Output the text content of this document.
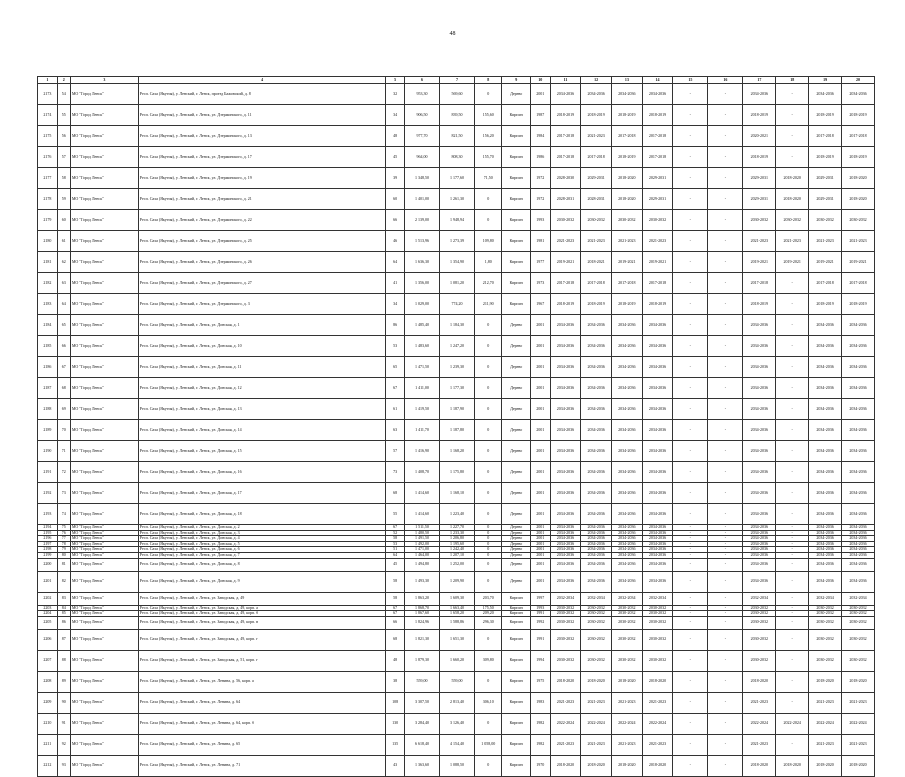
48
1	2	3	4	5	6	7	8	9	10	11	12	13	14	15	16	17	18	19	20
2173	54	МО "Город Ленск"	Респ. Саха (Якутия), у. Ленский, г. Ленск, проезд Бажовский, д. 8	32	953,30	569,60	0	Дерево	2001	2034-2036	2034-2036	2034-2036	2034-2036	-	-	2034-2036	-	2034-2036	2034-2036
2174	55	МО "Город Ленск"	Респ. Саха (Якутия), у. Ленский, г. Ленск, ул. Дзержинского, д. 11	34	906,50	839,50	155,60	Кирпич	1987	2018-2019	2018-2019	2018-2019	2018-2019	-	-	2018-2019	-	2018-2019	2018-2019
2175	56	МО "Город Ленск"	Респ. Саха (Якутия), у. Ленский, г. Ленск, ул. Дзержинского, д. 13	48	977,70	821,50	156,20	Кирпич	1984	2017-2018	2021-2023	2017-2018	2017-2018	-	-	2020-2021	-	2017-2018	2017-2018
2176	57	МО "Город Ленск"	Респ. Саха (Якутия), у. Ленский, г. Ленск, ул. Дзержинского, д. 17	45	964,00	808,30	155,70	Кирпич	1986	2017-2018	2017-2018	2018-2019	2017-2018	-	-	2018-2019	-	2018-2019	2018-2019
2177	58	МО "Город Ленск"	Респ. Саха (Якутия), у. Ленский, г. Ленск, ул. Дзержинского, д. 19	39	1 348,50	1 177,60	71,50	Кирпич	1972	2028-2030	2029-2031	2018-2020	2029-2031	-	-	2029-2031	2018-2020	2029-2031	2018-2020
2178	59	МО "Город Ленск"	Респ. Саха (Якутия), у. Ленский, г. Ленск, ул. Дзержинского, д. 21	60	1 401,00	1 261,30	0	Кирпич	1972	2028-2031	2028-2031	2018-2020	2029-2031	-	-	2029-2031	2018-2020	2029-2031	2018-2020
2179	60	МО "Город Ленск"	Респ. Саха (Якутия), у. Ленский, г. Ленск, ул. Дзержинского, д. 22	66	2 139,00	1 948,94	0	Кирпич	1993	2030-2032	2030-2032	2030-2032	2030-2032	-	-	2030-2032	2030-2032	2030-2032	2030-2032
2180	61	МО "Город Ленск"	Респ. Саха (Якутия), у. Ленский, г. Ленск, ул. Дзержинского, д. 25	46	1 513,96	1 273,39	109,80	Кирпич	1981	2021-2023	2021-2023	2021-2023	2021-2023	-	-	2021-2023	2021-2023	2021-2023	2021-2023
2181	62	МО "Город Ленск"	Респ. Саха (Якутия), у. Ленский, г. Ленск, ул. Дзержинского, д. 26	64	1 636,30	1 354,90	1,80	Кирпич	1977	2019-2021	2018-2021	2019-2021	2019-2021	-	-	2019-2021	2019-2021	2019-2021	2019-2021
2182	63	МО "Город Ленск"	Респ. Саха (Якутия), у. Ленский, г. Ленск, ул. Дзержинского, д. 27	41	1 356,00	1 081,20	212,70	Кирпич	1973	2017-2018	2017-2018	2017-2018	2017-2018	-	-	2017-2018	-	2017-2018	2017-2018
2183	64	МО "Город Ленск"	Респ. Саха (Якутия), у. Ленский, г. Ленск, ул. Дзержинского, д. 3	34	1 029,00	774,20	211,90	Кирпич	1967	2018-2019	2018-2019	2018-2019	2018-2019	-	-	2018-2019	-	2018-2019	2018-2019
2184	65	МО "Город Ленск"	Респ. Саха (Якутия), у. Ленский, г. Ленск, ул. Донская, д. 1	86	1 485,40	1 184,30	0	Дерево	2001	2034-2036	2034-2036	2034-2036	2034-2036	-	-	2034-2036	-	2034-2036	2034-2036
2185	66	МО "Город Ленск"	Респ. Саха (Якутия), у. Ленский, г. Ленск, ул. Донская, д. 10	53	1 483,60	1 247,20	0	Дерево	2001	2034-2036	2034-2036	2034-2036	2034-2036	-	-	2034-2036	-	2034-2036	2034-2036
2186	67	МО "Город Ленск"	Респ. Саха (Якутия), у. Ленский, г. Ленск, ул. Донская, д. 11	65	1 471,50	1 239,30	0	Дерево	2001	2034-2036	2034-2036	2034-2036	2034-2036	-	-	2034-2036	-	2034-2036	2034-2036
2187	68	МО "Город Ленск"	Респ. Саха (Якутия), у. Ленский, г. Ленск, ул. Донская, д. 12	67	1 411,00	1 177,30	0	Дерево	2001	2034-2036	2034-2036	2034-2036	2034-2036	-	-	2034-2036	-	2034-2036	2034-2036
2188	69	МО "Город Ленск"	Респ. Саха (Якутия), у. Ленский, г. Ленск, ул. Донская, д. 13	61	1 419,50	1 187,90	0	Дерево	2001	2034-2036	2034-2036	2034-2036	2034-2036	-	-	2034-2036	-	2034-2036	2034-2036
2189	70	МО "Город Ленск"	Респ. Саха (Якутия), у. Ленский, г. Ленск, ул. Донская, д. 14	63	1 411,70	1 187,80	0	Дерево	2001	2034-2036	2034-2036	2034-2036	2034-2036	-	-	2034-2036	-	2034-2036	2034-2036
2190	71	МО "Город Ленск"	Респ. Саха (Якутия), у. Ленский, г. Ленск, ул. Донская, д. 15	57	1 416,90	1 168,20	0	Дерево	2001	2034-2036	2034-2036	2034-2036	2034-2036	-	-	2034-2036	-	2034-2036	2034-2036
2191	72	МО "Город Ленск"	Респ. Саха (Якутия), у. Ленский, г. Ленск, ул. Донская, д. 16	73	1 408,70	1 175,80	0	Дерево	2001	2034-2036	2034-2036	2034-2036	2034-2036	-	-	2034-2036	-	2034-2036	2034-2036
2192	73	МО "Город Ленск"	Респ. Саха (Якутия), у. Ленский, г. Ленск, ул. Донская, д. 17	68	1 414,60	1 168,10	0	Дерево	2001	2034-2036	2034-2036	2034-2036	2034-2036	-	-	2034-2036	-	2034-2036	2034-2036
2193	74	МО "Город Ленск"	Респ. Саха (Якутия), у. Ленский, г. Ленск, ул. Донская, д. 18	55	1 414,60	1 223,40	0	Дерево	2001	2034-2036	2034-2036	2034-2036	2034-2036	-	-	2034-2036	-	2034-2036	2034-2036
2194	75	МО "Город Ленск"	Респ. Саха (Якутия), у. Ленский, г. Ленск, ул. Донская, д. 2	67	1 511,50	1 227,70	0	Дерево	2001	2034-2036	2034-2036	2034-2036	2034-2036	-	-	2034-2036	-	2034-2036	2034-2036
2195	76	МО "Город Ленск"	Респ. Саха (Якутия), у. Ленский, г. Ленск, ул. Донская, д. 3	52	1 480,50	1 233,30	0	Дерево	2001	2034-2036	2034-2036	2034-2036	2034-2036	-	-	2034-2036	-	2034-2036	2034-2036
2196	77	МО "Город Ленск"	Респ. Саха (Якутия), у. Ленский, г. Ленск, ул. Донская, д. 4	58	1 491,50	1 206,80	0	Дерево	2001	2034-2036	2034-2036	2034-2036	2034-2036	-	-	2034-2036	-	2034-2036	2034-2036
2197	78	МО "Город Ленск"	Респ. Саха (Якутия), у. Ленский, г. Ленск, ул. Донская, д. 5	53	1 492,00	1 195,60	0	Дерево	2001	2034-2036	2034-2036	2034-2036	2034-2036	-	-	2034-2036	-	2034-2036	2034-2036
2198	79	МО "Город Ленск"	Респ. Саха (Якутия), у. Ленский, г. Ленск, ул. Донская, д. 6	51	1 471,00	1 242,40	0	Дерево	2001	2034-2036	2034-2036	2034-2036	2034-2036	-	-	2034-2036	-	2034-2036	2034-2036
2199	80	МО "Город Ленск"	Респ. Саха (Якутия), у. Ленский, г. Ленск, ул. Донская, д. 7	64	1 464,00	1 207,10	0	Дерево	2001	2034-2036	2034-2036	2034-2036	2034-2036	-	-	2034-2036	-	2034-2036	2034-2036
2200	81	МО "Город Ленск"	Респ. Саха (Якутия), у. Ленский, г. Ленск, ул. Донская, д. 8	45	1 494,80	1 252,00	0	Дерево	2001	2034-2036	2034-2036	2034-2036	2034-2036	-	-	2034-2036	-	2034-2036	2034-2036
2201	82	МО "Город Ленск"	Респ. Саха (Якутия), у. Ленский, г. Ленск, ул. Донская, д. 9	58	1 493,30	1 209,90	0	Дерево	2001	2034-2036	2034-2036	2034-2036	2034-2036	-	-	2034-2036	-	2034-2036	2034-2036
2202	83	МО "Город Ленск"	Респ. Саха (Якутия), у. Ленский, г. Ленск, ул. Заводская, д. 49	58	1 863,20	1 609,30	203,70	Кирпич	1997	2032-2034	2032-2034	2032-2034	2032-2034	-	-	2032-2034	-	2032-2034	2032-2034
2203	84	МО "Город Ленск"	Респ. Саха (Якутия), у. Ленский, г. Ленск, ул. Заводская, д. 49, корп. а	67	1 868,70	1 663,40	175,50	Кирпич	1993	2030-2032	2030-2032	2030-2032	2030-2032	-	-	2030-2032	-	2030-2032	2030-2032
2204	85	МО "Город Ленск"	Респ. Саха (Якутия), у. Ленский, г. Ленск, ул. Заводская, д. 49, корп. б	67	1 867,60	1 658,20	209,20	Кирпич	1991	2030-2032	2030-2032	2030-2032	2030-2032	-	-	2030-2032	-	2030-2032	2030-2032
2205	86	МО "Город Ленск"	Респ. Саха (Якутия), у. Ленский, г. Ленск, ул. Заводская, д. 49, корп. в	66	1 824,96	1 588,86	296,30	Кирпич	1992	2030-2032	2030-2032	2030-2032	2030-2032	-	-	2030-2032	-	2030-2032	2030-2032
2206	87	МО "Город Ленск"	Респ. Саха (Якутия), у. Ленский, г. Ленск, ул. Заводская, д. 49, корп. г	68	1 821,30	1 651,30	0	Кирпич	1991	2030-2032	2030-2032	2030-2032	2030-2032	-	-	2030-2032	-	2030-2032	2030-2032
2207	88	МО "Город Ленск"	Респ. Саха (Якутия), у. Ленский, г. Ленск, ул. Заводская, д. 51, корп. г	48	1 879,30	1 660,20	309,80	Кирпич	1994	2030-2032	2030-2032	2030-2032	2030-2032	-	-	2030-2032	-	2030-2032	2030-2032
2208	89	МО "Город Ленск"	Респ. Саха (Якутия), у. Ленский, г. Ленск, ул. Ленина, д. 56, корп. а	38	559,00	559,00	0	Кирпич	1975	2018-2020	2018-2020	2018-2020	2018-2020	-	-	2018-2020	-	2018-2020	2018-2020
2209	90	МО "Город Ленск"	Респ. Саха (Якутия), у. Ленский, г. Ленск, ул. Ленина, д. 64	108	3 307,50	2 813,40	306,10	Кирпич	1983	2021-2023	2021-2023	2021-2023	2021-2023	-	-	2021-2023	-	2021-2023	2021-2023
2210	91	МО "Город Ленск"	Респ. Саха (Якутия), у. Ленский, г. Ленск, ул. Ленина, д. 64, корп. б	130	3 284,40	3 126,40	0	Кирпич	1982	2022-2024	2022-2024	2022-2024	2022-2024	-	-	2022-2024	2022-2024	2022-2024	2022-2024
2211	92	МО "Город Ленск"	Респ. Саха (Якутия), у. Ленский, г. Ленск, ул. Ленина, д. 65	135	6 618,40	4 154,40	1 058,00	Кирпич	1982	2021-2023	2021-2023	2021-2023	2021-2023	-	-	2021-2023	-	2021-2023	2021-2023
2212	93	МО "Город Ленск"	Респ. Саха (Якутия), у. Ленский, г. Ленск, ул. Ленина, д. 71	43	1 363,60	1 088,50	0	Кирпич	1970	2018-2020	2018-2020	2018-2020	2018-2020	-	-	2018-2020	2018-2020	2018-2020	2018-2020
